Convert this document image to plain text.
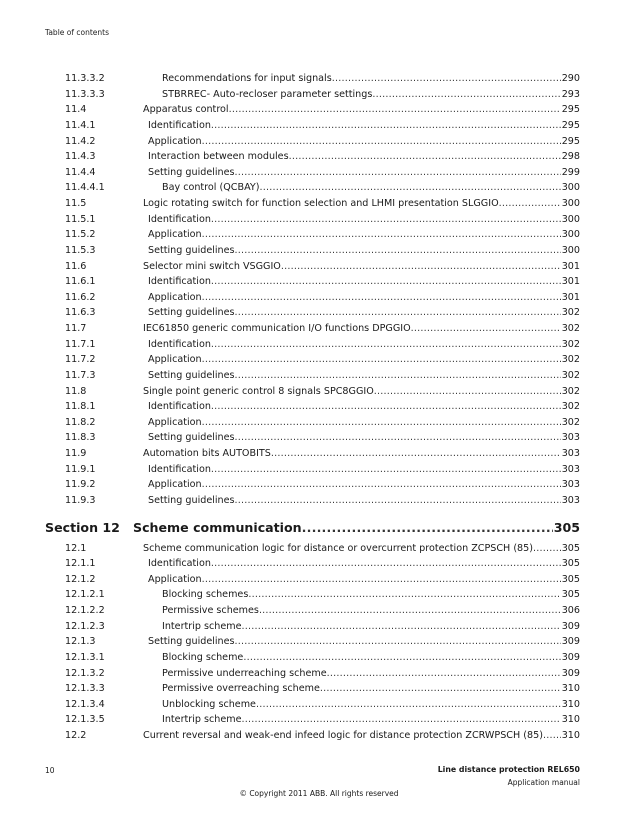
Table of contents
11.3.3.2	Recommendations for input signals .....	290
11.3.3.3	STBRREC- Auto-recloser parameter settings .....	293
11.4	Apparatus control .....	295
11.4.1	Identification .....	295
11.4.2	Application .....	295
11.4.3	Interaction between modules .....	298
11.4.4	Setting guidelines .....	299
11.4.4.1	Bay control (QCBAY) .....	300
11.5	Logic rotating switch for function selection and LHMI presentation SLGGIO .....	300
11.5.1	Identification .....	300
11.5.2	Application .....	300
11.5.3	Setting guidelines .....	300
11.6	Selector mini switch VSGGIO .....	301
11.6.1	Identification .....	301
11.6.2	Application .....	301
11.6.3	Setting guidelines .....	302
11.7	IEC61850 generic communication I/O functions DPGGIO .....	302
11.7.1	Identification .....	302
11.7.2	Application .....	302
11.7.3	Setting guidelines .....	302
11.8	Single point generic control 8 signals SPC8GGIO .....	302
11.8.1	Identification .....	302
11.8.2	Application .....	302
11.8.3	Setting guidelines .....	303
11.9	Automation bits AUTOBITS .....	303
11.9.1	Identification .....	303
11.9.2	Application .....	303
11.9.3	Setting guidelines .....	303
Section 12 Scheme communication .....	305
12.1	Scheme communication logic for distance or overcurrent protection ZCPSCH (85) .....	305
12.1.1	Identification .....	305
12.1.2	Application .....	305
12.1.2.1	Blocking schemes .....	305
12.1.2.2	Permissive schemes .....	306
12.1.2.3	Intertrip scheme .....	309
12.1.3	Setting guidelines .....	309
12.1.3.1	Blocking scheme .....	309
12.1.3.2	Permissive underreaching scheme .....	309
12.1.3.3	Permissive overreaching scheme .....	310
12.1.3.4	Unblocking scheme .....	310
12.1.3.5	Intertrip scheme .....	310
12.2	Current reversal and weak-end infeed logic for distance protection ZCRWPSCH (85) ..... 310
10	Line distance protection REL650
Application manual
© Copyright 2011 ABB. All rights reserved
